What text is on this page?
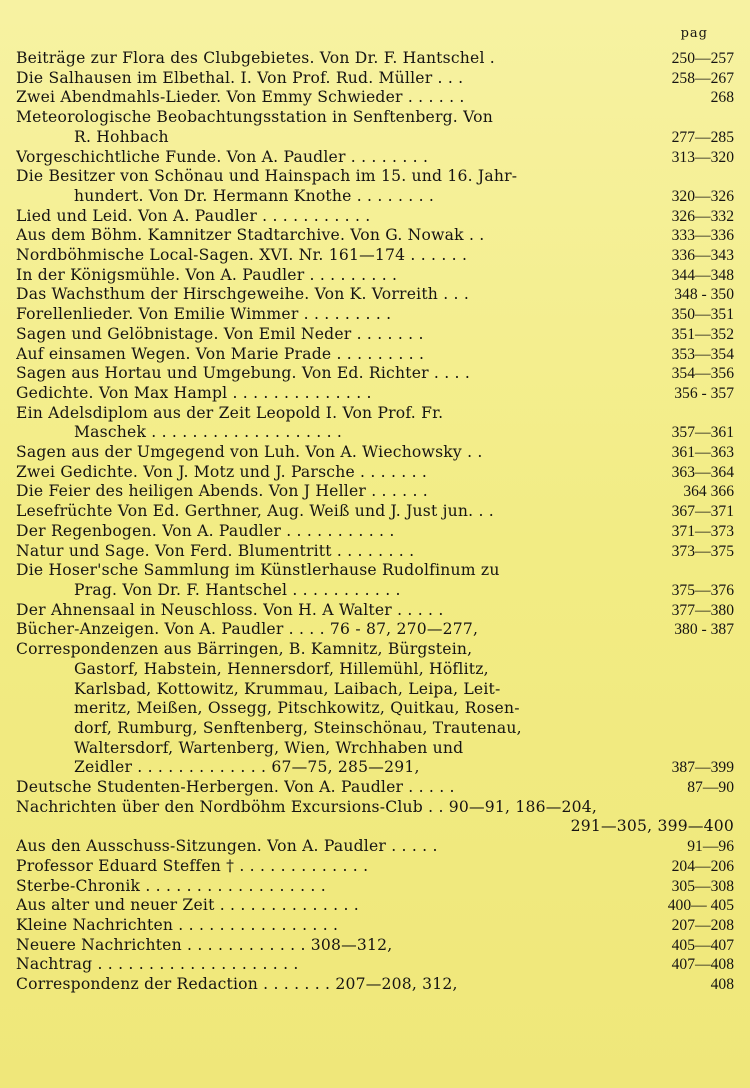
pag
Beiträge zur Flora des Clubgebietes. Von Dr. F. Hantschel .	250—257
Die Salhausen im Elbethal. I. Von Prof. Rud. Müller . . .	258—267
Zwei Abendmahls-Lieder. Von Emmy Schwieder . . . . . .	268
Meteorologische Beobachtungsstation in Senftenberg. Von
R. Hohbach	277—285
Vorgeschichtliche Funde. Von A. Paudler . . . . . . . .	313—320
Die Besitzer von Schönau und Hainspach im 15. und 16. Jahr-
hundert. Von Dr. Hermann Knothe . . . . . . . .	320—326
Lied und Leid. Von A. Paudler . . . . . . . . . . .	326—332
Aus dem Böhm. Kamnitzer Stadtarchive. Von G. Nowak . .	333—336
Nordböhmische Local-Sagen. XVI. Nr. 161—174 . . . . . .	336—343
In der Königsmühle. Von A. Paudler . . . . . . . . .	344—348
Das Wachsthum der Hirschgeweihe. Von K. Vorreith . . .	348 - 350
Forellenlieder. Von Emilie Wimmer . . . . . . . . .	350—351
Sagen und Gelöbnistage. Von Emil Neder . . . . . . .	351—352
Auf einsamen Wegen. Von Marie Prade . . . . . . . . .	353—354
Sagen aus Hortau und Umgebung. Von Ed. Richter . . . .	354—356
Gedichte. Von Max Hampl . . . . . . . . . . . . . .	356 - 357
Ein Adelsdiplom aus der Zeit Leopold I. Von Prof. Fr.
Maschek . . . . . . . . . . . . . . . . . . .	357—361
Sagen aus der Umgegend von Luh. Von A. Wiechowsky . .	361—363
Zwei Gedichte. Von J. Motz und J. Parsche . . . . . . .	363—364
Die Feier des heiligen Abends. Von J Heller . . . . . .	364 366
Lesefrüchte Von Ed. Gerthner, Aug. Weiß und J. Just jun. . .	367—371
Der Regenbogen. Von A. Paudler . . . . . . . . . . .	371—373
Natur und Sage. Von Ferd. Blumentritt . . . . . . . .	373—375
Die Hoser'sche Sammlung im Künstlerhause Rudolfinum zu
Prag. Von Dr. F. Hantschel . . . . . . . . . . .	375—376
Der Ahnensaal in Neuschloss. Von H. A Walter . . . . .	377—380
Bücher-Anzeigen. Von A. Paudler . . . . 76 - 87, 270—277,	380 - 387
Correspondenzen aus Bärringen, B. Kamnitz, Bürgstein,
Gastorf, Habstein, Hennersdorf, Hillemühl, Höflitz,
Karlsbad, Kottowitz, Krummau, Laibach, Leipa, Leit-
meritz, Meißen, Ossegg, Pitschkowitz, Quitkau, Rosen-
dorf, Rumburg, Senftenberg, Steinschönau, Trautenau,
Waltersdorf, Wartenberg, Wien, Wrchhaben und
Zeidler . . . . . . . . . . . . . 67—75, 285—291,	387—399
Deutsche Studenten-Herbergen. Von A. Paudler . . . . .	87—90
Nachrichten über den Nordböhm Excursions-Club . . 90—91, 186—204,
291—305, 399—400
Aus den Ausschuss-Sitzungen. Von A. Paudler . . . . .	91—96
Professor Eduard Steffen † . . . . . . . . . . . . .	204—206
Sterbe-Chronik . . . . . . . . . . . . . . . . . .	305—308
Aus alter und neuer Zeit . . . . . . . . . . . . . .	400— 405
Kleine Nachrichten . . . . . . . . . . . . . . . .	207—208
Neuere Nachrichten . . . . . . . . . . . . 308—312,	405—407
Nachtrag . . . . . . . . . . . . . . . . . . . .	407—408
Correspondenz der Redaction . . . . . . . 207—208, 312,	408
